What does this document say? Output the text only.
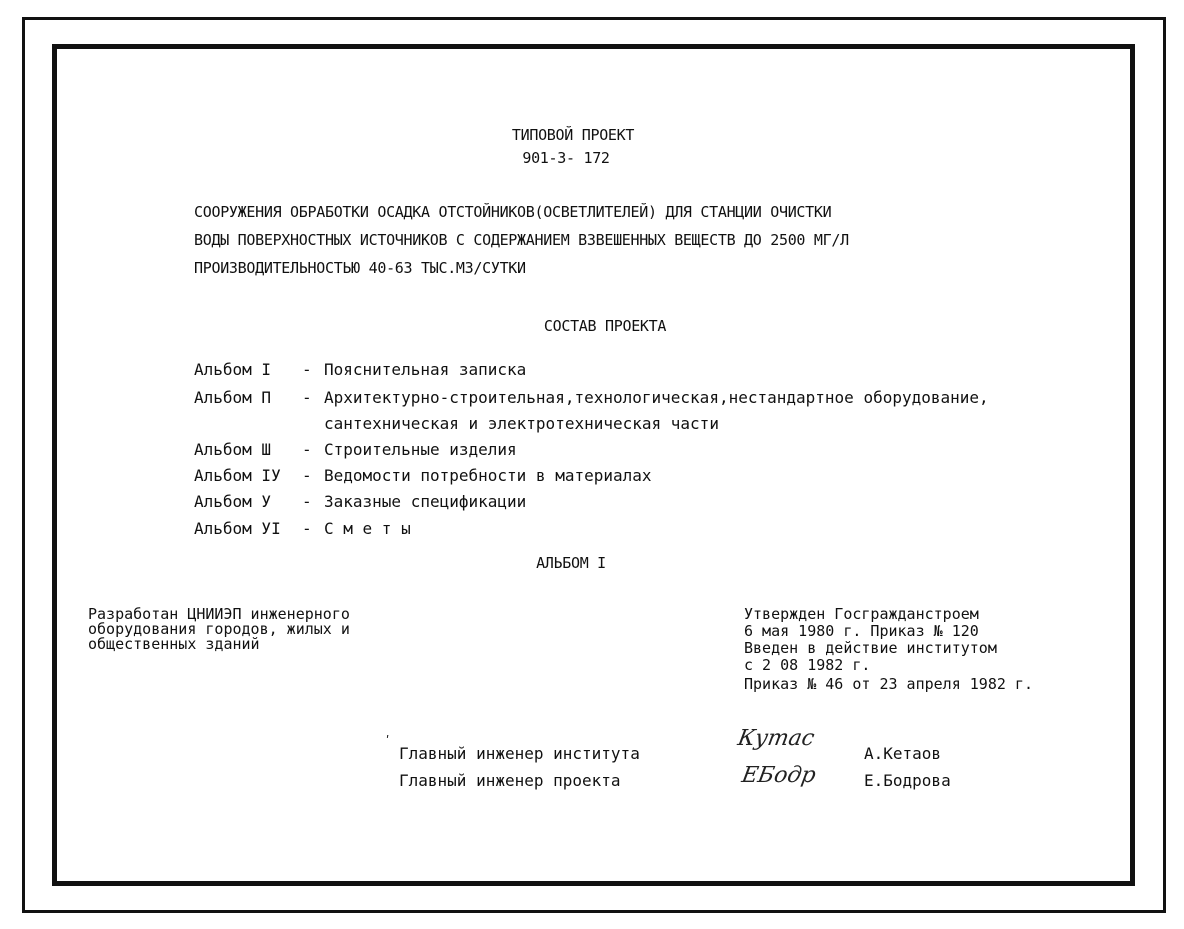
ТИПОВОЙ ПРОЕКТ
901-3- 172
СООРУЖЕНИЯ ОБРАБОТКИ ОСАДКА ОТСТОЙНИКОВ(ОСВЕТЛИТЕЛЕЙ) ДЛЯ СТАНЦИИ ОЧИСТКИ
ВОДЫ ПОВЕРХНОСТНЫХ ИСТОЧНИКОВ С СОДЕРЖАНИЕМ ВЗВЕШЕННЫХ ВЕЩЕСТВ ДО 2500 МГ/Л
ПРОИЗВОДИТЕЛЬНОСТЬЮ 40-63 ТЫС.М3/СУТКИ
СОСТАВ ПРОЕКТА
Альбом I - Пояснительная записка
Альбом П - Архитектурно-строительная,технологическая,нестандартное оборудование,
сантехническая и электротехническая части
Альбом Ш - Строительные изделия
Альбом IУ - Ведомости потребности в материалах
Альбом У - Заказные спецификации
Альбом УI - С м е т ы
АЛЬБОМ I
Разработан ЦНИИЭП инженерного
оборудования городов, жилых и
общественных зданий
Утвержден Госгражданстроем
6 мая 1980 г. Приказ № 120
Введен в действие институтом
с 2 08 1982 г.
Приказ № 46 от 23 апреля 1982 г.
ʹ
Главный инженер института
Кутас
А.Кетаов
Главный инженер проекта	ЕБодр	Е.Бодрова
